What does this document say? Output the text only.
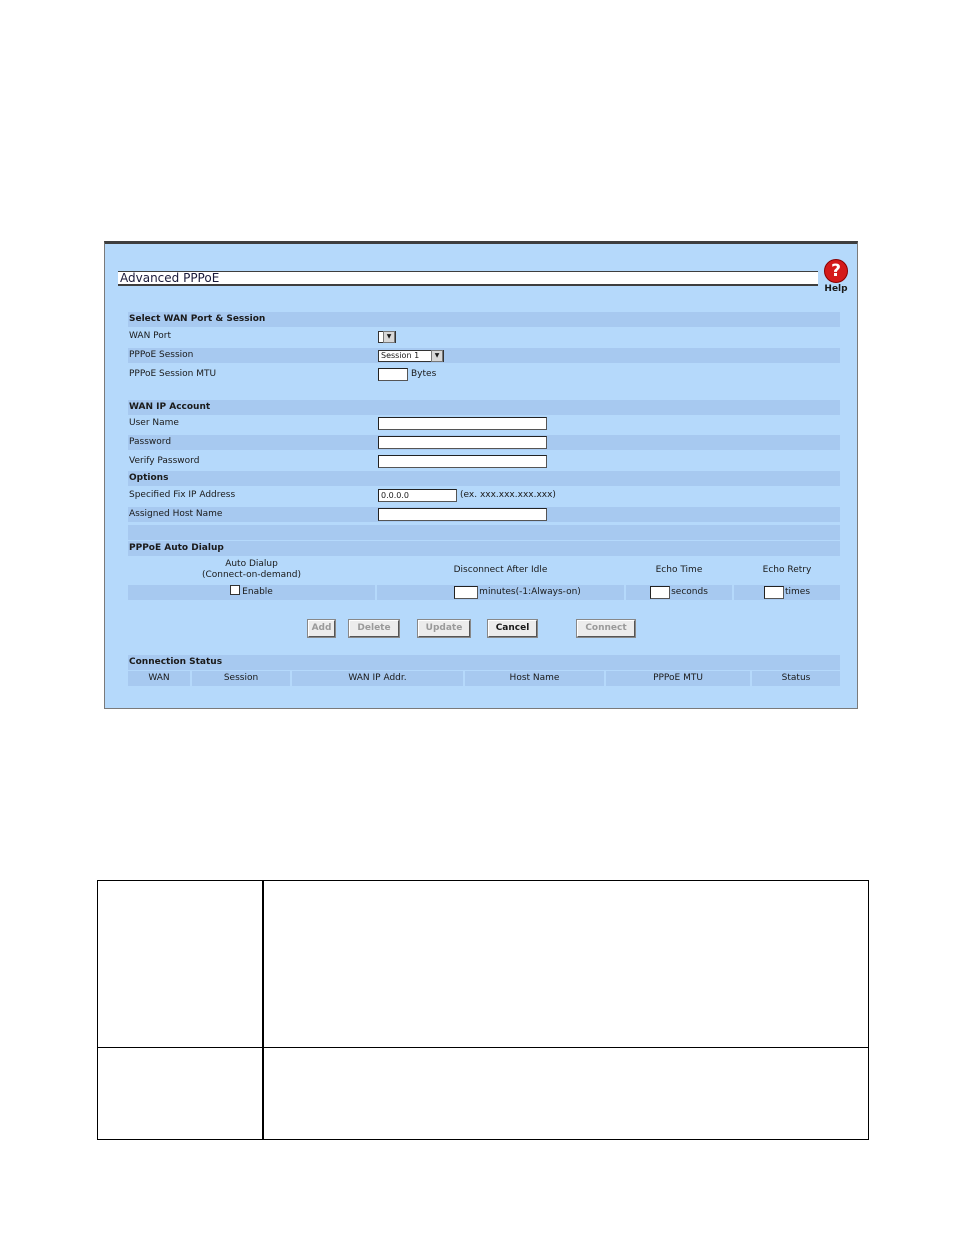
Advanced PPPoE	?
Help
Select WAN Port & Session
WAN Port	▼
PPPoE Session	Session 1	▼
PPPoE Session MTU	Bytes
WAN IP Account
User Name
Password
Verify Password
Options
Specified Fix IP Address	0.0.0.0	(ex. xxx.xxx.xxx.xxx)
Assigned Host Name
PPPoE Auto Dialup
Auto Dialup
(Connect-on-demand)	Disconnect After Idle	Echo Time	Echo Retry
Enable	minutes(-1:Always-on)	seconds	times
Add	Delete	Update	Cancel	Connect
Connection Status
WAN	Session	WAN IP Addr.	Host Name	PPPoE MTU	Status
